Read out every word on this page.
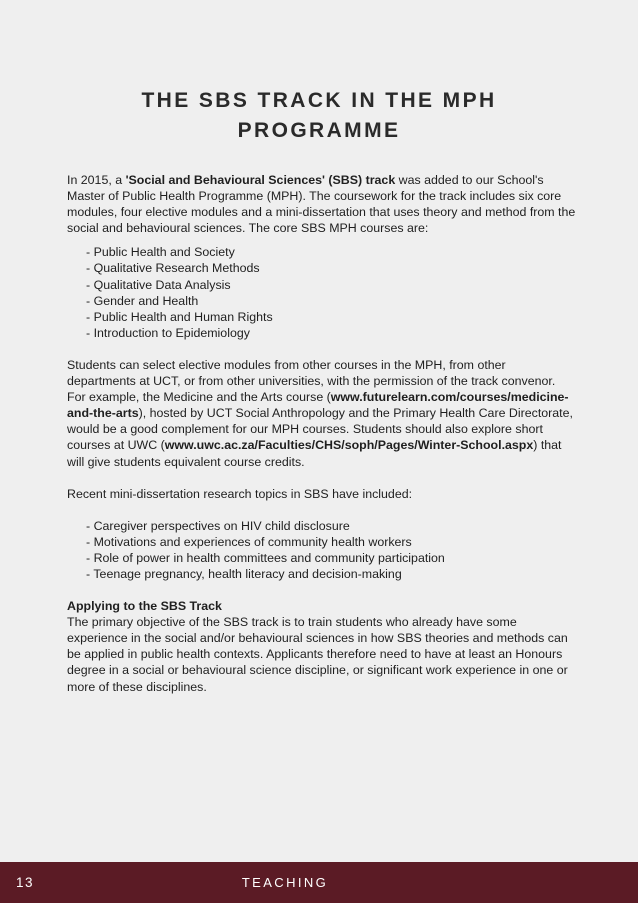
THE SBS TRACK IN THE MPH
PROGRAMME

In 2015, a 'Social and Behavioural Sciences' (SBS) track was added to our School's Master of Public Health Programme (MPH). The coursework for the track includes six core modules, four elective modules and a mini-dissertation that uses theory and method from the social and behavioural sciences. The core SBS MPH courses are:

- Public Health and Society
- Qualitative Research Methods
- Qualitative Data Analysis
- Gender and Health
- Public Health and Human Rights
- Introduction to Epidemiology

Students can select elective modules from other courses in the MPH, from other departments at UCT, or from other universities, with the permission of the track convenor. For example, the Medicine and the Arts course (www.futurelearn.com/courses/medicine-and-the-arts), hosted by UCT Social Anthropology and the Primary Health Care Directorate, would be a good complement for our MPH courses. Students should also explore short courses at UWC (www.uwc.ac.za/Faculties/CHS/soph/Pages/Winter-School.aspx) that will give students equivalent course credits.

Recent mini-dissertation research topics in SBS have included:

- Caregiver perspectives on HIV child disclosure
- Motivations and experiences of community health workers
- Role of power in health committees and community participation
- Teenage pregnancy, health literacy and decision-making

Applying to the SBS Track

The primary objective of the SBS track is to train students who already have some experience in the social and/or behavioural sciences in how SBS theories and methods can be applied in public health contexts. Applicants therefore need to have at least an Honours degree in a social or behavioural science discipline, or significant work experience in one or more of these disciplines.

13	TEACHING
